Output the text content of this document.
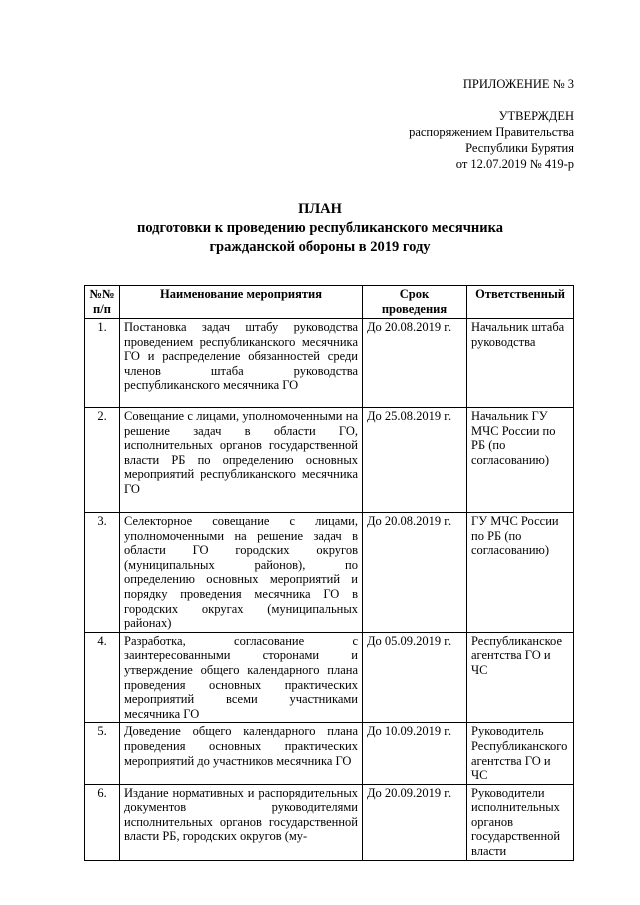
ПРИЛОЖЕНИЕ № 3
УТВЕРЖДЕН
распоряжением Правительства
Республики Бурятия
от 12.07.2019 № 419-р
ПЛАН
подготовки к проведению республиканского месячника
гражданской обороны в 2019 году
№№ п/п	Наименование мероприятия	Срок проведения	Ответственный
1.	Постановка задач штабу руководства проведением республиканского месячника ГО и распределение обязанностей среди членов штаба руководства республиканского месячника ГО	До 20.08.2019 г.	Начальник штаба руководства
2.	Совещание с лицами, уполномоченными на решение задач в области ГО, исполнительных органов государственной власти РБ по определению основных мероприятий республиканского месячника ГО	До 25.08.2019 г.	Начальник ГУ МЧС России по РБ (по согласованию)
3.	Селекторное совещание с лицами, уполномоченными на решение задач в области ГО городских округов (муниципальных районов), по определению основных мероприятий и порядку проведения месячника ГО в городских округах (муниципальных районах)	До 20.08.2019 г.	ГУ МЧС России по РБ (по согласованию)
4.	Разработка, согласование с заинтересованными сторонами и утверждение общего календарного плана проведения основных практических мероприятий всеми участниками месячника ГО	До 05.09.2019 г.	Республиканское агентства ГО и ЧС
5.	Доведение общего календарного плана проведения основных практических мероприятий до участников месячника ГО	До 10.09.2019 г.	Руководитель Республиканского агентства ГО и ЧС
6.	Издание нормативных и распорядительных документов руководителями исполнительных органов государственной власти РБ, городских округов (му-	До 20.09.2019 г.	Руководители исполнительных органов государственной власти
